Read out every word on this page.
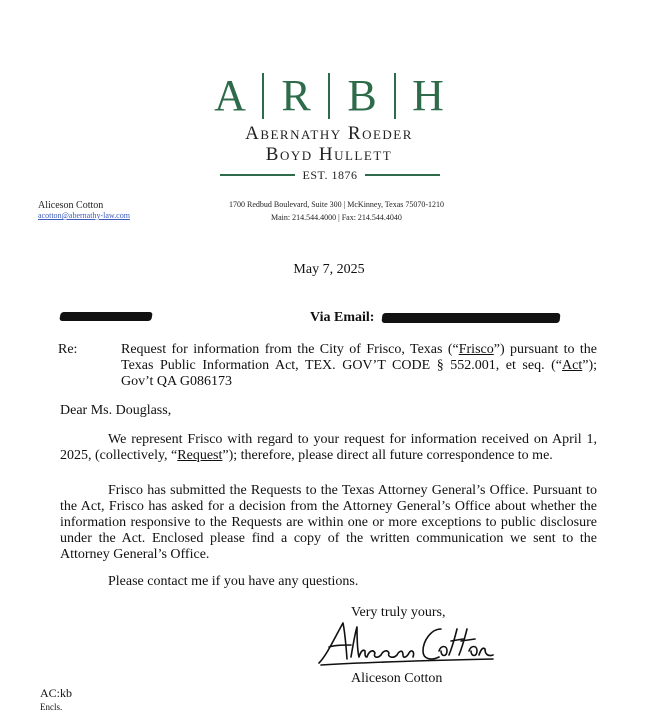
A R B H
Abernathy Roeder
Boyd Hullett
EST. 1876
Aliceson Cotton
acotton@abernathy-law.com
1700 Redbud Boulevard, Suite 300 | McKinney, Texas 75070-1210
Main: 214.544.4000 | Fax: 214.544.4040
May 7, 2025
Via Email:
Re:	Request for information from the City of Frisco, Texas (“Frisco”) pursuant to the Texas Public Information Act, TEX. GOV’T CODE § 552.001, et seq. (“Act”); Gov’t QA G086173
Dear Ms. Douglass,
We represent Frisco with regard to your request for information received on April 1, 2025, (collectively, “Request”); therefore, please direct all future correspondence to me.
Frisco has submitted the Requests to the Texas Attorney General’s Office. Pursuant to the Act, Frisco has asked for a decision from the Attorney General’s Office about whether the information responsive to the Requests are within one or more exceptions to public disclosure under the Act. Enclosed please find a copy of the written communication we sent to the Attorney General’s Office.
Please contact me if you have any questions.
Very truly yours,
Aliceson Cotton
AC:kb
Encls.
